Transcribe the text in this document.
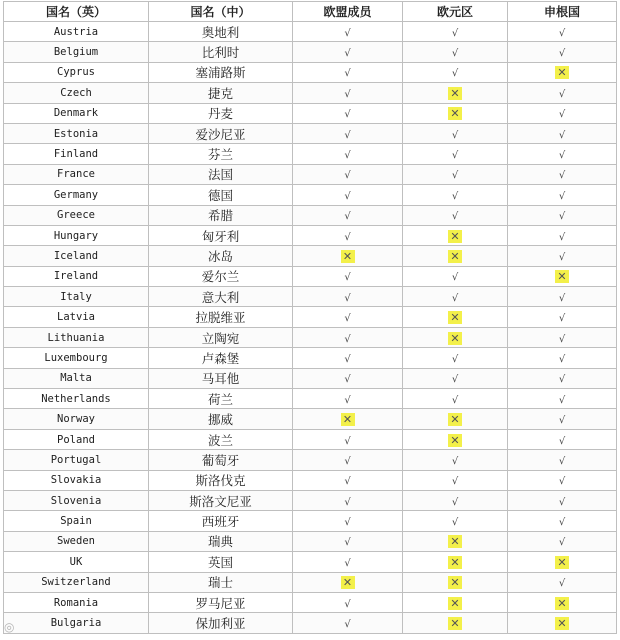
国名（英）	国名（中）	欧盟成员	欧元区	申根国
Austria	奥地利	√	√	√
Belgium	比利时	√	√	√
Cyprus	塞浦路斯	√	√	✕
Czech	捷克	√	✕	√
Denmark	丹麦	√	✕	√
Estonia	爱沙尼亚	√	√	√
Finland	芬兰	√	√	√
France	法国	√	√	√
Germany	德国	√	√	√
Greece	希腊	√	√	√
Hungary	匈牙利	√	✕	√
Iceland	冰岛	✕	✕	√
Ireland	爱尔兰	√	√	✕
Italy	意大利	√	√	√
Latvia	拉脱维亚	√	✕	√
Lithuania	立陶宛	√	✕	√
Luxembourg	卢森堡	√	√	√
Malta	马耳他	√	√	√
Netherlands	荷兰	√	√	√
Norway	挪威	✕	✕	√
Poland	波兰	√	✕	√
Portugal	葡萄牙	√	√	√
Slovakia	斯洛伐克	√	√	√
Slovenia	斯洛文尼亚	√	√	√
Spain	西班牙	√	√	√
Sweden	瑞典	√	✕	√
UK	英国	√	✕	✕
Switzerland	瑞士	✕	✕	√
Romania	罗马尼亚	√	✕	✕
Bulgaria	保加利亚	√	✕	✕
◎
